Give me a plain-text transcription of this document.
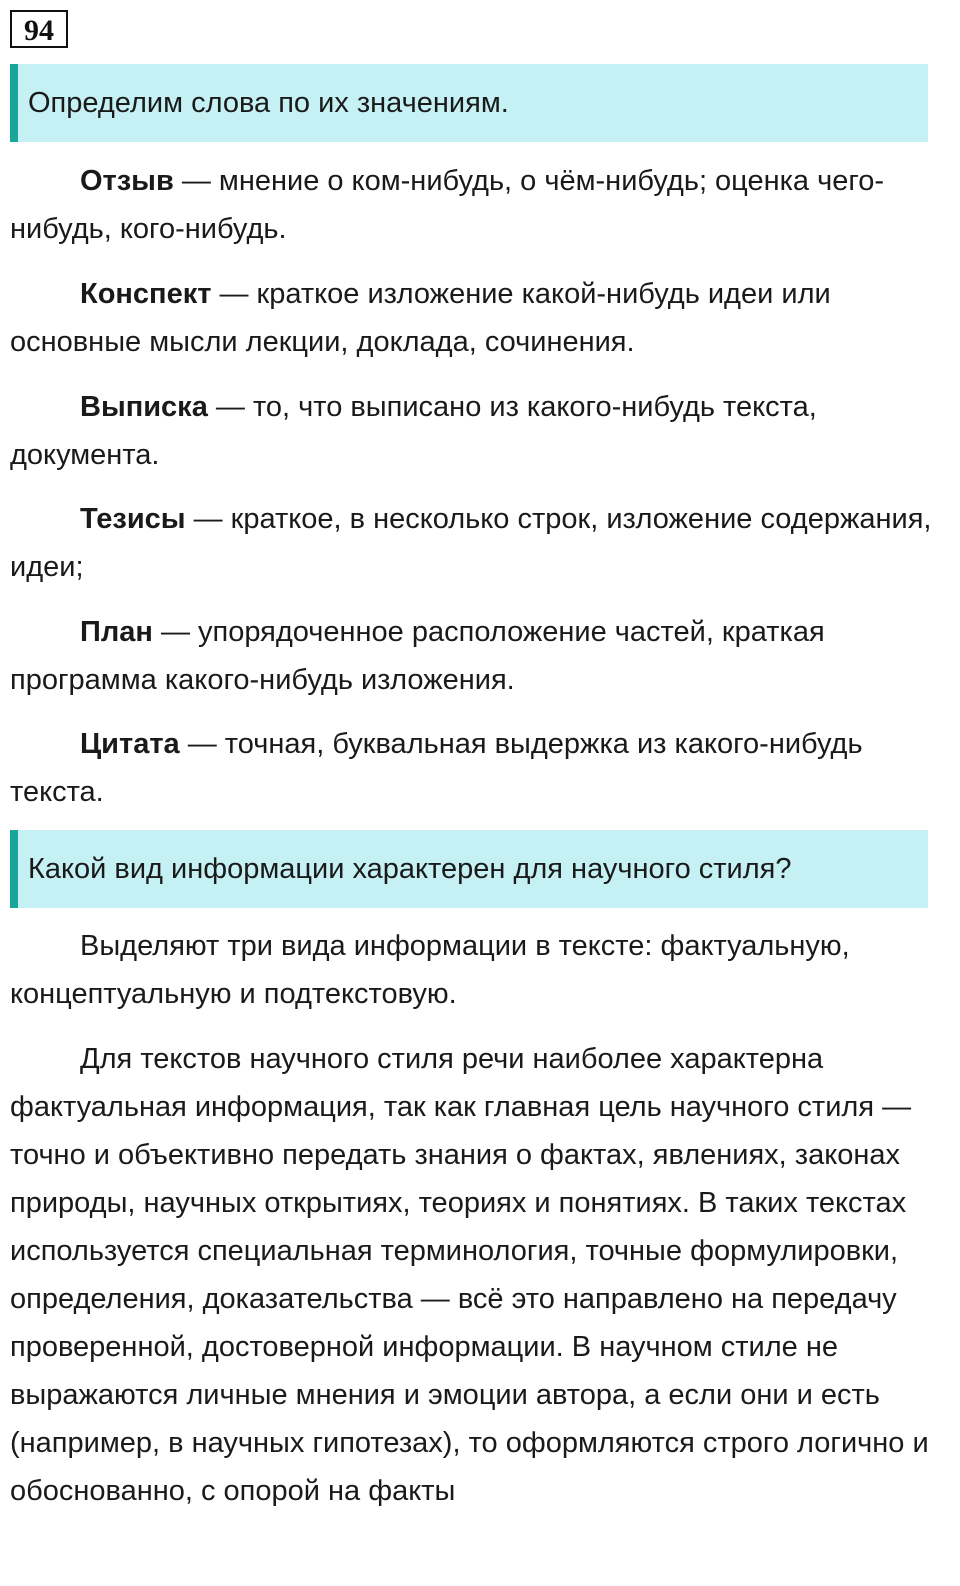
94
Определим слова по их значениям.

Отзыв — мнение о ком-нибудь, о чём-нибудь; оценка чего-нибудь, кого-нибудь.

Конспект — краткое изложение какой-нибудь идеи или основные мысли лекции, доклада, сочинения.

Выписка — то, что выписано из какого-нибудь текста, документа.

Тезисы — краткое, в несколько строк, изложение содержания, идеи;

План — упорядоченное расположение частей, краткая программа какого-нибудь изложения.

Цитата — точная, буквальная выдержка из какого-нибудь текста.

Какой вид информации характерен для научного стиля?

Выделяют три вида информации в тексте: фактуальную, концептуальную и подтекстовую.

Для текстов научного стиля речи наиболее характерна фактуальная информация, так как главная цель научного стиля — точно и объективно передать знания о фактах, явлениях, законах природы, научных открытиях, теориях и понятиях. В таких текстах используется специальная терминология, точные формулировки, определения, доказательства — всё это направлено на передачу проверенной, достоверной информации. В научном стиле не выражаются личные мнения и эмоции автора, а если они и есть (например, в научных гипотезах), то оформляются строго логично и обоснованно, с опорой на факты
